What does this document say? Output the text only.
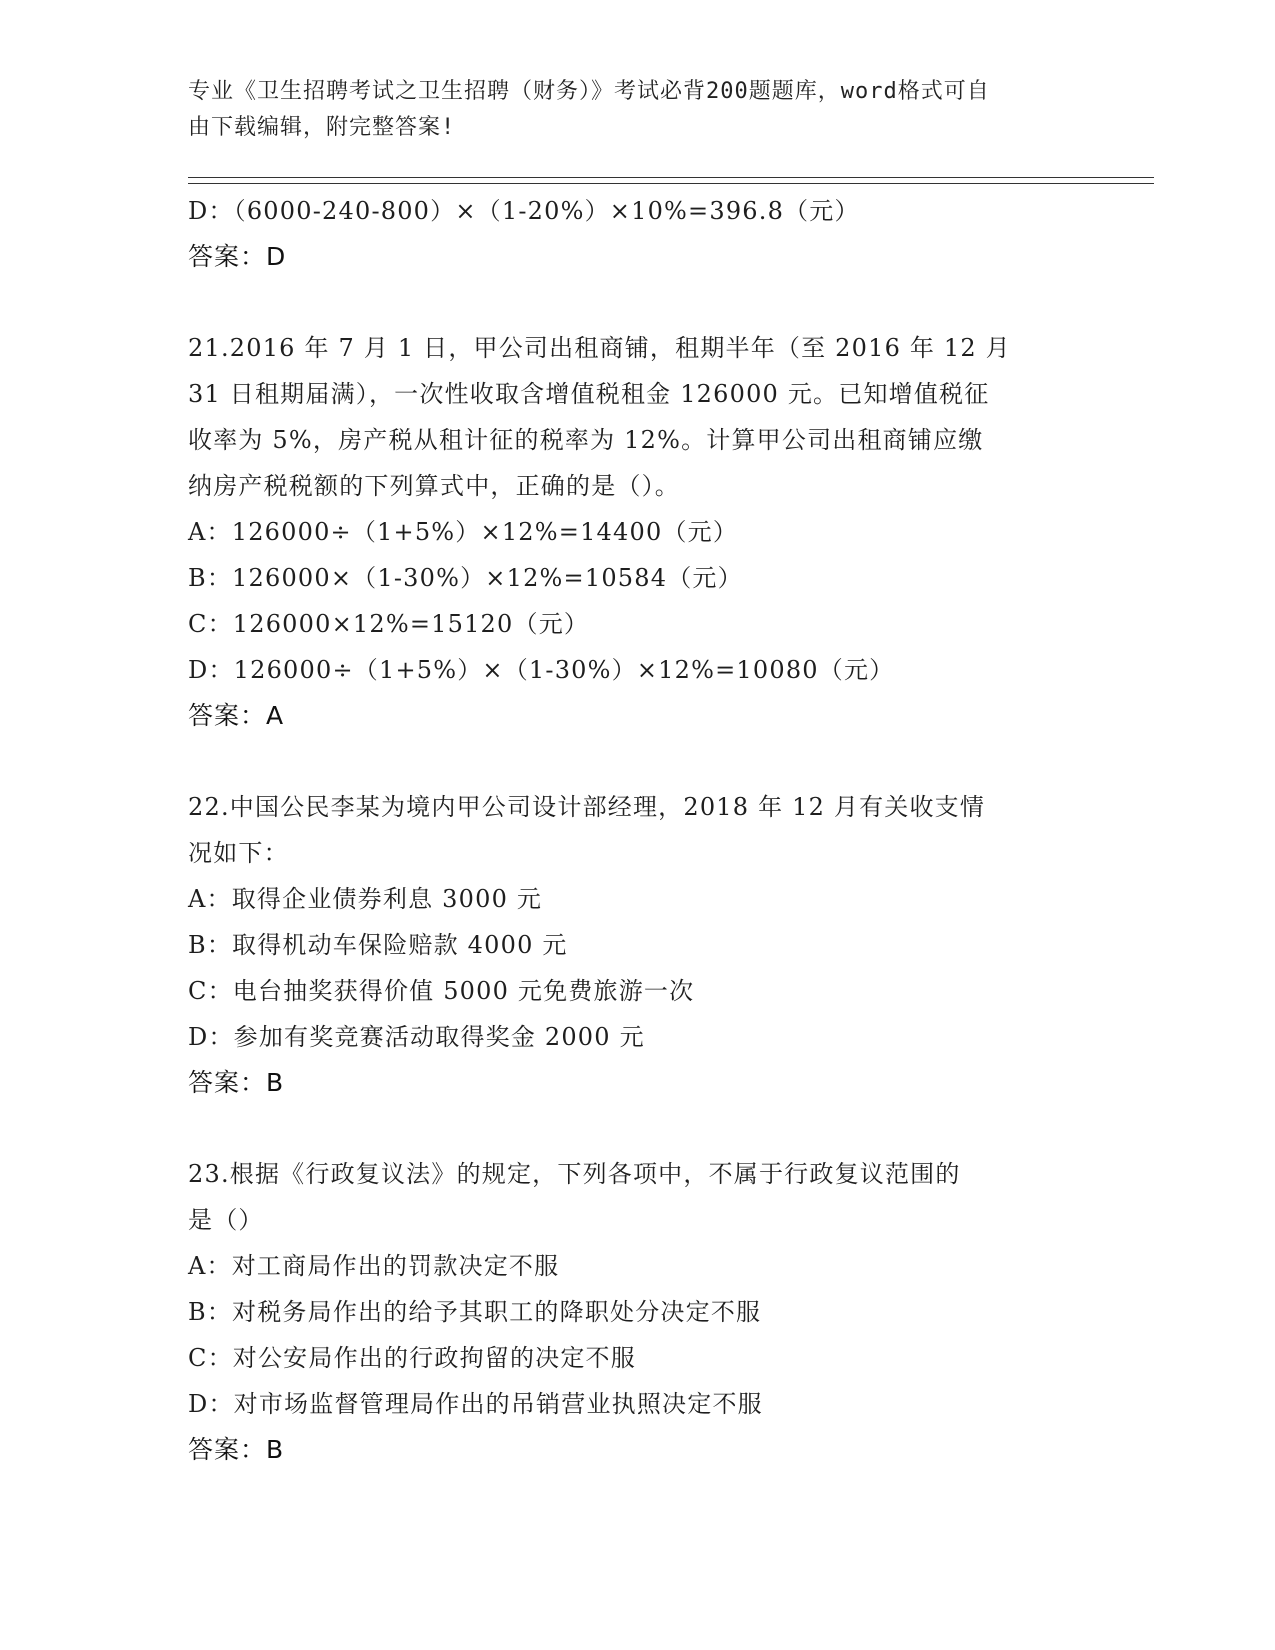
专业《卫生招聘考试之卫生招聘（财务）》考试必背200题题库，word格式可自
由下载编辑，附完整答案!
D：（6000-240-800）×（1-20%）×10%=396.8（元）
答案：D
21.2016 年 7 月 1 日，甲公司出租商铺，租期半年（至 2016 年 12 月
31 日租期届满），一次性收取含增值税租金 126000 元。已知增值税征
收率为 5%，房产税从租计征的税率为 12%。计算甲公司出租商铺应缴
纳房产税税额的下列算式中，正确的是（）。
A：126000÷（1+5%）×12%=14400（元）
B：126000×（1-30%）×12%=10584（元）
C：126000×12%=15120（元）
D：126000÷（1+5%）×（1-30%）×12%=10080（元）
答案：A
22.中国公民李某为境内甲公司设计部经理，2018 年 12 月有关收支情
况如下：
A：取得企业债券利息 3000 元
B：取得机动车保险赔款 4000 元
C：电台抽奖获得价值 5000 元免费旅游一次
D：参加有奖竞赛活动取得奖金 2000 元
答案：B
23.根据《行政复议法》的规定，下列各项中，不属于行政复议范围的
是（）
A：对工商局作出的罚款决定不服
B：对税务局作出的给予其职工的降职处分决定不服
C：对公安局作出的行政拘留的决定不服
D：对市场监督管理局作出的吊销营业执照决定不服
答案：B
